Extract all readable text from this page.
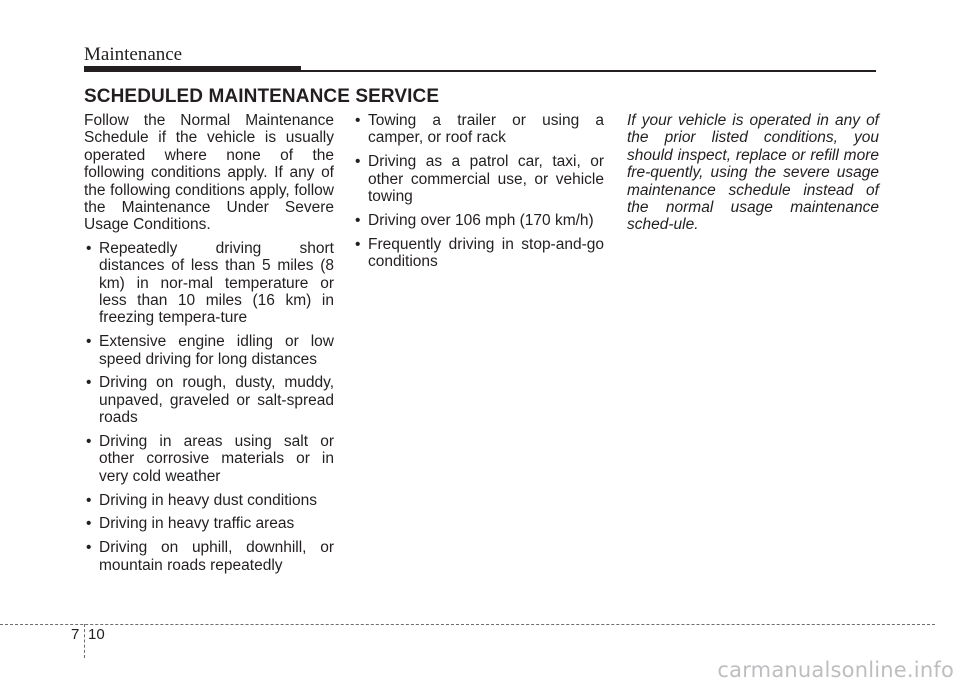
Maintenance
SCHEDULED MAINTENANCE SERVICE

Follow the Normal Maintenance Schedule if the vehicle is usually operated where none of the following conditions apply. If any of the following conditions apply, follow the Maintenance Under Severe Usage Conditions.

• Repeatedly driving short distances of less than 5 miles (8 km) in nor-mal temperature or less than 10 miles (16 km) in freezing tempera-ture
• Extensive engine idling or low speed driving for long distances
• Driving on rough, dusty, muddy, unpaved, graveled or salt-spread roads
• Driving in areas using salt or other corrosive materials or in very cold weather
• Driving in heavy dust conditions
• Driving in heavy traffic areas
• Driving on uphill, downhill, or mountain roads repeatedly
• Towing a trailer or using a camper, or roof rack
• Driving as a patrol car, taxi, or other commercial use, or vehicle towing
• Driving over 106 mph (170 km/h)
• Frequently driving in stop-and-go conditions

If your vehicle is operated in any of the prior listed conditions, you should inspect, replace or refill more fre-quently, using the severe usage maintenance schedule instead of the normal usage maintenance sched-ule.

7 10
carmanualsonline.info
